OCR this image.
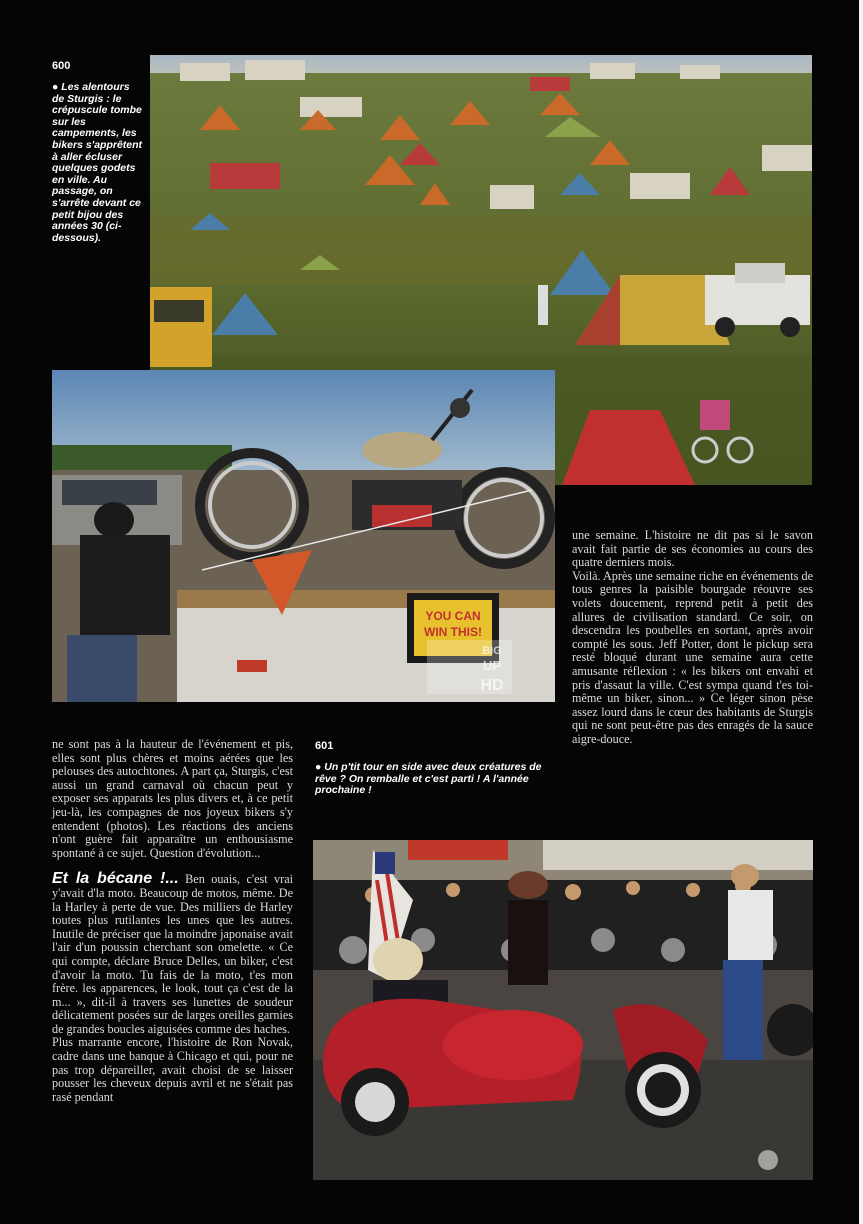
600
● Les alentours de Sturgis : le crépuscule tombe sur les campements, les bikers s'apprêtent à aller écluser quelques godets en ville. Au passage, on s'arrête devant ce petit bijou des années 30 (ci-dessous).
YOU CAN
WIN THIS!
BIG
UP
HD

une semaine. L'histoire ne dit pas si le savon avait fait partie de ses économies au cours des quatre derniers mois.

Voilà. Après une semaine riche en événements de tous genres la paisible bourgade réouvre ses volets doucement, reprend petit à petit des allures de civilisation standard. Ce soir, on descendra les poubelles en sortant, après avoir compté les sous. Jeff Potter, dont le pickup sera resté bloqué durant une semaine aura cette amusante réflexion : « les bikers ont envahi et pris d'assaut la ville. C'est sympa quand t'es toi-même un biker, sinon... » Ce léger sinon pèse assez lourd dans le cœur des habitants de Sturgis qui ne sont peut-être pas des enragés de la sauce aigre-douce.

601
● Un p'tit tour en side avec deux créatures de rêve ? On remballe et c'est parti ! A l'année prochaine !

ne sont pas à la hauteur de l'événement et pis, elles sont plus chères et moins aérées que les pelouses des autochtones. A part ça, Sturgis, c'est aussi un grand carnaval où chacun peut y exposer ses apparats les plus divers et, à ce petit jeu-là, les compagnes de nos joyeux bikers s'y entendent (photos). Les réactions des anciens n'ont guère fait apparaître un enthousiasme spontané à ce sujet. Question d'évolution...

Et la bécane !... Ben ouais, c'est vrai y'avait d'la moto. Beaucoup de motos, même. De la Harley à perte de vue. Des milliers de Harley toutes plus rutilantes les unes que les autres. Inutile de préciser que la moindre japonaise avait l'air d'un poussin cherchant son omelette. « Ce qui compte, déclare Bruce Delles, un biker, c'est d'avoir la moto. Tu fais de la moto, t'es mon frère. les apparences, le look, tout ça c'est de la m... », dit-il à travers ses lunettes de soudeur délicatement posées sur de larges oreilles garnies de grandes boucles aiguisées comme des haches.

Plus marrante encore, l'histoire de Ron Novak, cadre dans une banque à Chicago et qui, pour ne pas trop dépareiller, avait choisi de se laisser pousser les cheveux depuis avril et ne s'était pas rasé pendant
